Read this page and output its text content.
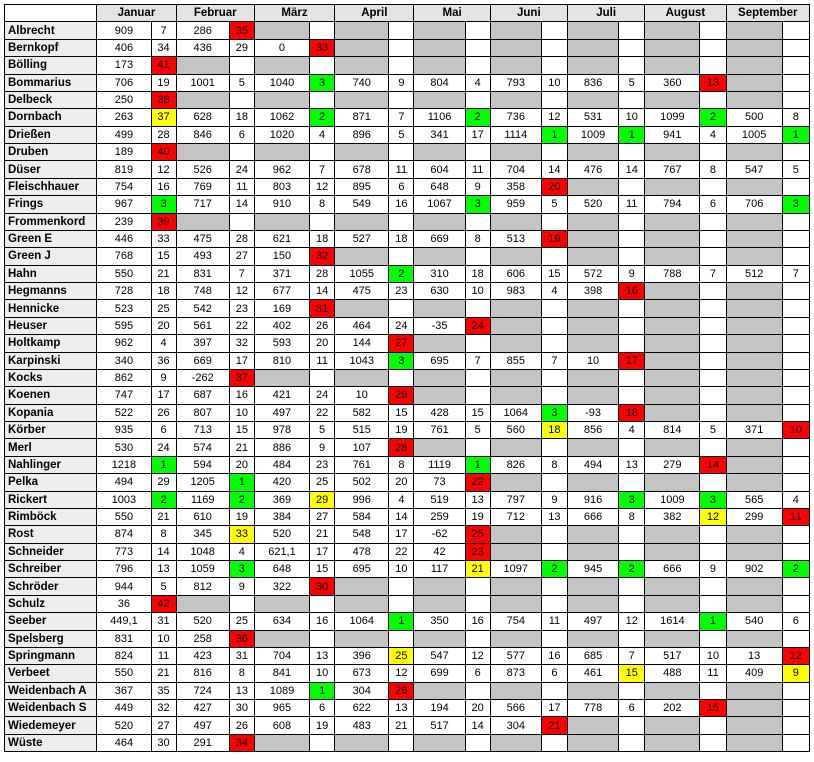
	Januar		Februar		März		April		Mai		Juni		Juli		August		September	
Albrecht	909	7	286	35														
Bernkopf	406	34	436	29	0	33												
Bölling	173	41																
Bommarius	706	19	1001	5	1040	3	740	9	804	4	793	10	836	5	360	13		
Delbeck	250	38																
Dornbach	263	37	628	18	1062	2	871	7	1106	2	736	12	531	10	1099	2	500	8
Drießen	499	28	846	6	1020	4	896	5	341	17	1114	1	1009	1	941	4	1005	1
Druben	189	40																
Düser	819	12	526	24	962	7	678	11	604	11	704	14	476	14	767	8	547	5
Fleischhauer	754	16	769	11	803	12	895	6	648	9	358	20						
Frings	967	3	717	14	910	8	549	16	1067	3	959	5	520	11	794	6	706	3
Frommenkord	239	39																
Green E	446	33	475	28	621	18	527	18	669	8	513	19						
Green J	768	15	493	27	150	32												
Hahn	550	21	831	7	371	28	1055	2	310	18	606	15	572	9	788	7	512	7
Hegmanns	728	18	748	12	677	14	475	23	630	10	983	4	398	16				
Hennicke	523	25	542	23	169	31												
Heuser	595	20	561	22	402	26	464	24	-35	24								
Holtkamp	962	4	397	32	593	20	144	27										
Karpinski	340	36	669	17	810	11	1043	3	695	7	855	7	10	17				
Kocks	862	9	-262	37														
Koenen	747	17	687	16	421	24	10	29										
Kopania	522	26	807	10	497	22	582	15	428	15	1064	3	-93	18				
Körber	935	6	713	15	978	5	515	19	761	5	560	18	856	4	814	5	371	10
Merl	530	24	574	21	886	9	107	28										
Nahlinger	1218	1	594	20	484	23	761	8	1119	1	826	8	494	13	279	14		
Pelka	494	29	1205	1	420	25	502	20	73	22								
Rickert	1003	2	1169	2	369	29	996	4	519	13	797	9	916	3	1009	3	565	4
Rimböck	550	21	610	19	384	27	584	14	259	19	712	13	666	8	382	12	299	11
Rost	874	8	345	33	520	21	548	17	-62	25								
Schneider	773	14	1048	4	621,1	17	478	22	42	23								
Schreiber	796	13	1059	3	648	15	695	10	117	21	1097	2	945	2	666	9	902	2
Schröder	944	5	812	9	322	30												
Schulz	36	42																
Seeber	449,1	31	520	25	634	16	1064	1	350	16	754	11	497	12	1614	1	540	6
Spelsberg	831	10	258	36														
Springmann	824	11	423	31	704	13	396	25	547	12	577	16	685	7	517	10	13	12
Verbeet	550	21	816	8	841	10	673	12	699	6	873	6	461	15	488	11	409	9
Weidenbach A	367	35	724	13	1089	1	304	26										
Weidenbach S	449	32	427	30	965	6	622	13	194	20	566	17	778	6	202	15		
Wiedemeyer	520	27	497	26	608	19	483	21	517	14	304	21						
Wüste	464	30	291	34														
